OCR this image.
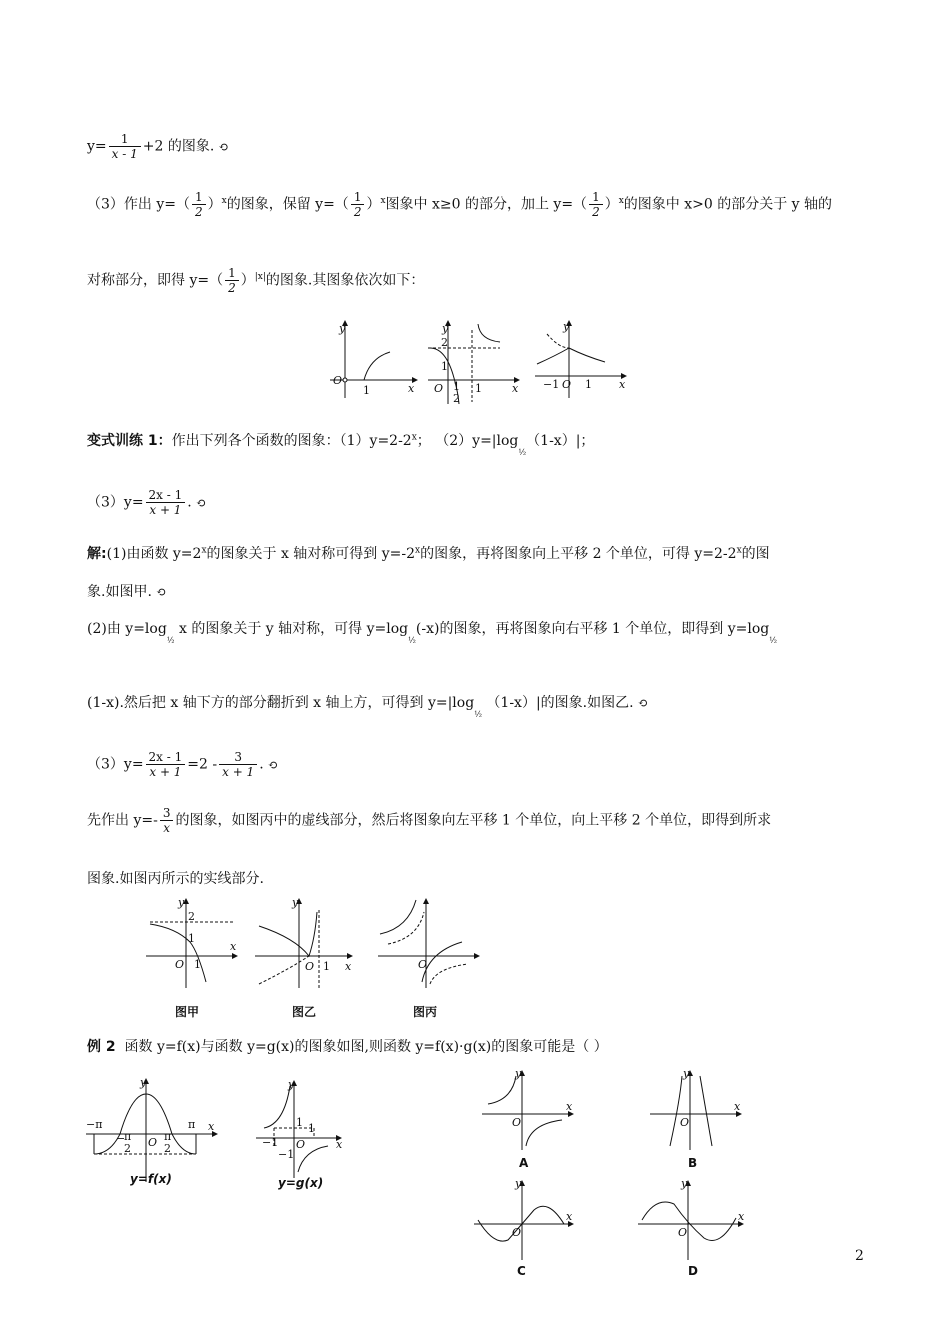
$y= \frac{1}{x - 1} +2$ 的图象. ⟲
（3）作出 $y=( \frac{1}{2} )^x$的图象，保留 $y=( \frac{1}{2} )^x$图象中 x≥0 的部分，加上 $y=( \frac{1}{2} )^x$的图象中 x>0 的部分关于 y 轴的
对称部分，即得 $y=( \frac{1}{2} )^{|x|}$的图象.其图象依次如下：
y
O
1	x
y
2
1
O 1
2
1	x
y
−1 O 1 x
变式训练 1：作出下列各个函数的图象：$(1)y=2-2^x$； $(2)y=|\log_{\frac{1}{2}}(1-x)|$；
$(3)y= \frac{2x - 1}{x + 1}$ . ⟲
解:(1)由函数 $y=2^x$的图象关于 x 轴对称可得到 $y=-2^x$的图象，再将图象向上平移 2 个单位，可得 $y=2-2^x$的图
象.如图甲. ⟲
(2)由 $y=\log_{\frac{1}{2}}$ x 的图象关于 y 轴对称，可得 $y=\log_{\frac{1}{2}}(-x)$的图象，再将图象向右平移 1 个单位，即得到 $y=\log_{\frac{1}{2}}$
(1-x).然后把 x 轴下方的部分翻折到 x 轴上方，可得到 $y=|\log_{\frac{1}{2}}$ （1-x）|的图象.如图乙. ⟲
$(3)y= \frac{2x - 1}{x + 1} =2 - \frac{3}{x + 1}$ . ⟲
先作出 $y=- \frac{3}{x}$ 的图象，如图丙中的虚线部分，然后将图象向左平移 1 个单位，向上平移 2 个单位，即得到所求
图象.如图丙所示的实线部分.
y
2
1
O 1
x
图甲
y
O 1 x
图乙
O
图丙
例 2 函数 y=f(x)与函数 y=g(x)的图象如图,则函数 y=f(x)·g(x)的图象可能是（ ）
y
−π	π
−
π
2 O π
2
x
y=f(x)
y
1 1
−1 O
−1
x
y=g(x)
y
O
x
A
y
O
x
B
y
O
x
C
y
O
x
D
2
